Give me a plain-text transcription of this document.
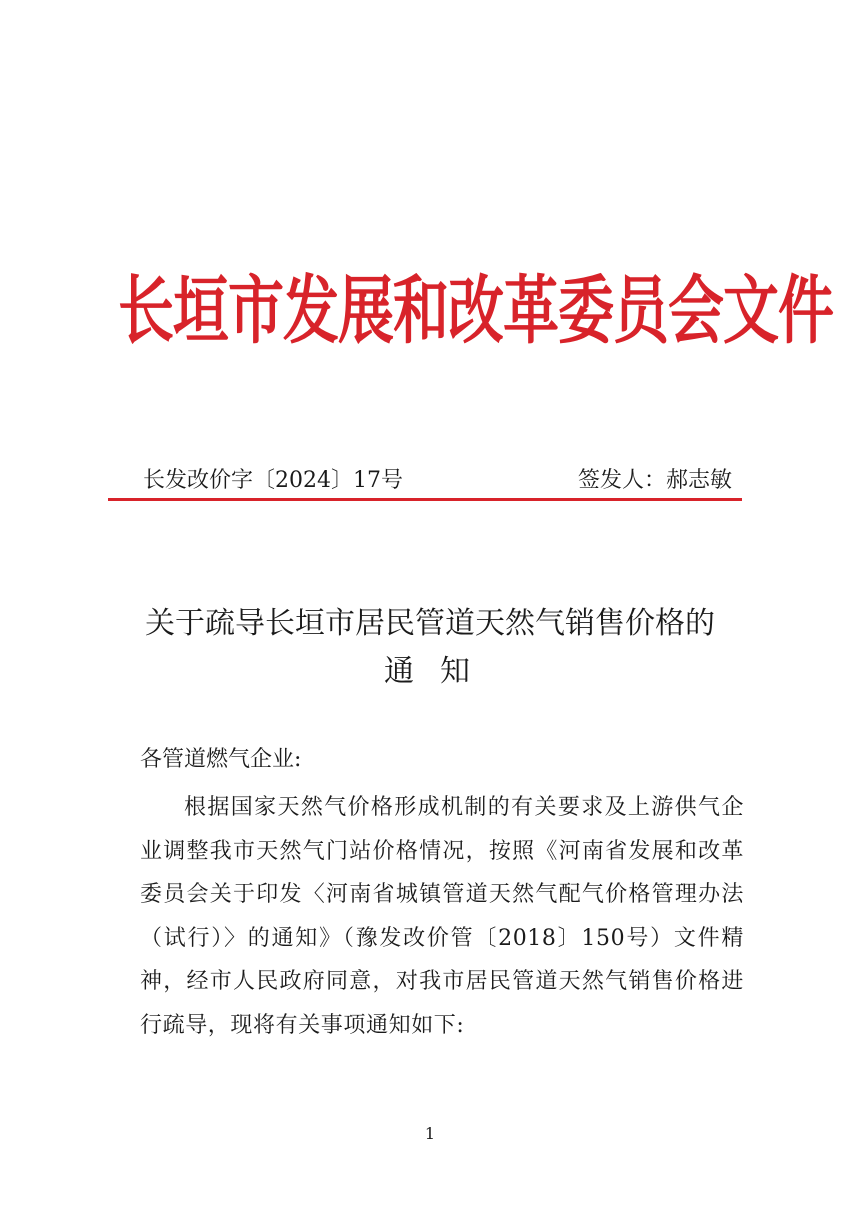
长垣市发展和改革委员会文件
长发改价字〔2024〕17号	签发人：郝志敏
关于疏导长垣市居民管道天然气销售价格的
通知
各管道燃气企业:
根据国家天然气价格形成机制的有关要求及上游供气企业调整我市天然气门站价格情况，按照《河南省发展和改革委员会关于印发〈河南省城镇管道天然气配气价格管理办法（试行）〉的通知》（豫发改价管〔2018〕150号）文件精神，经市人民政府同意，对我市居民管道天然气销售价格进行疏导，现将有关事项通知如下:
1
